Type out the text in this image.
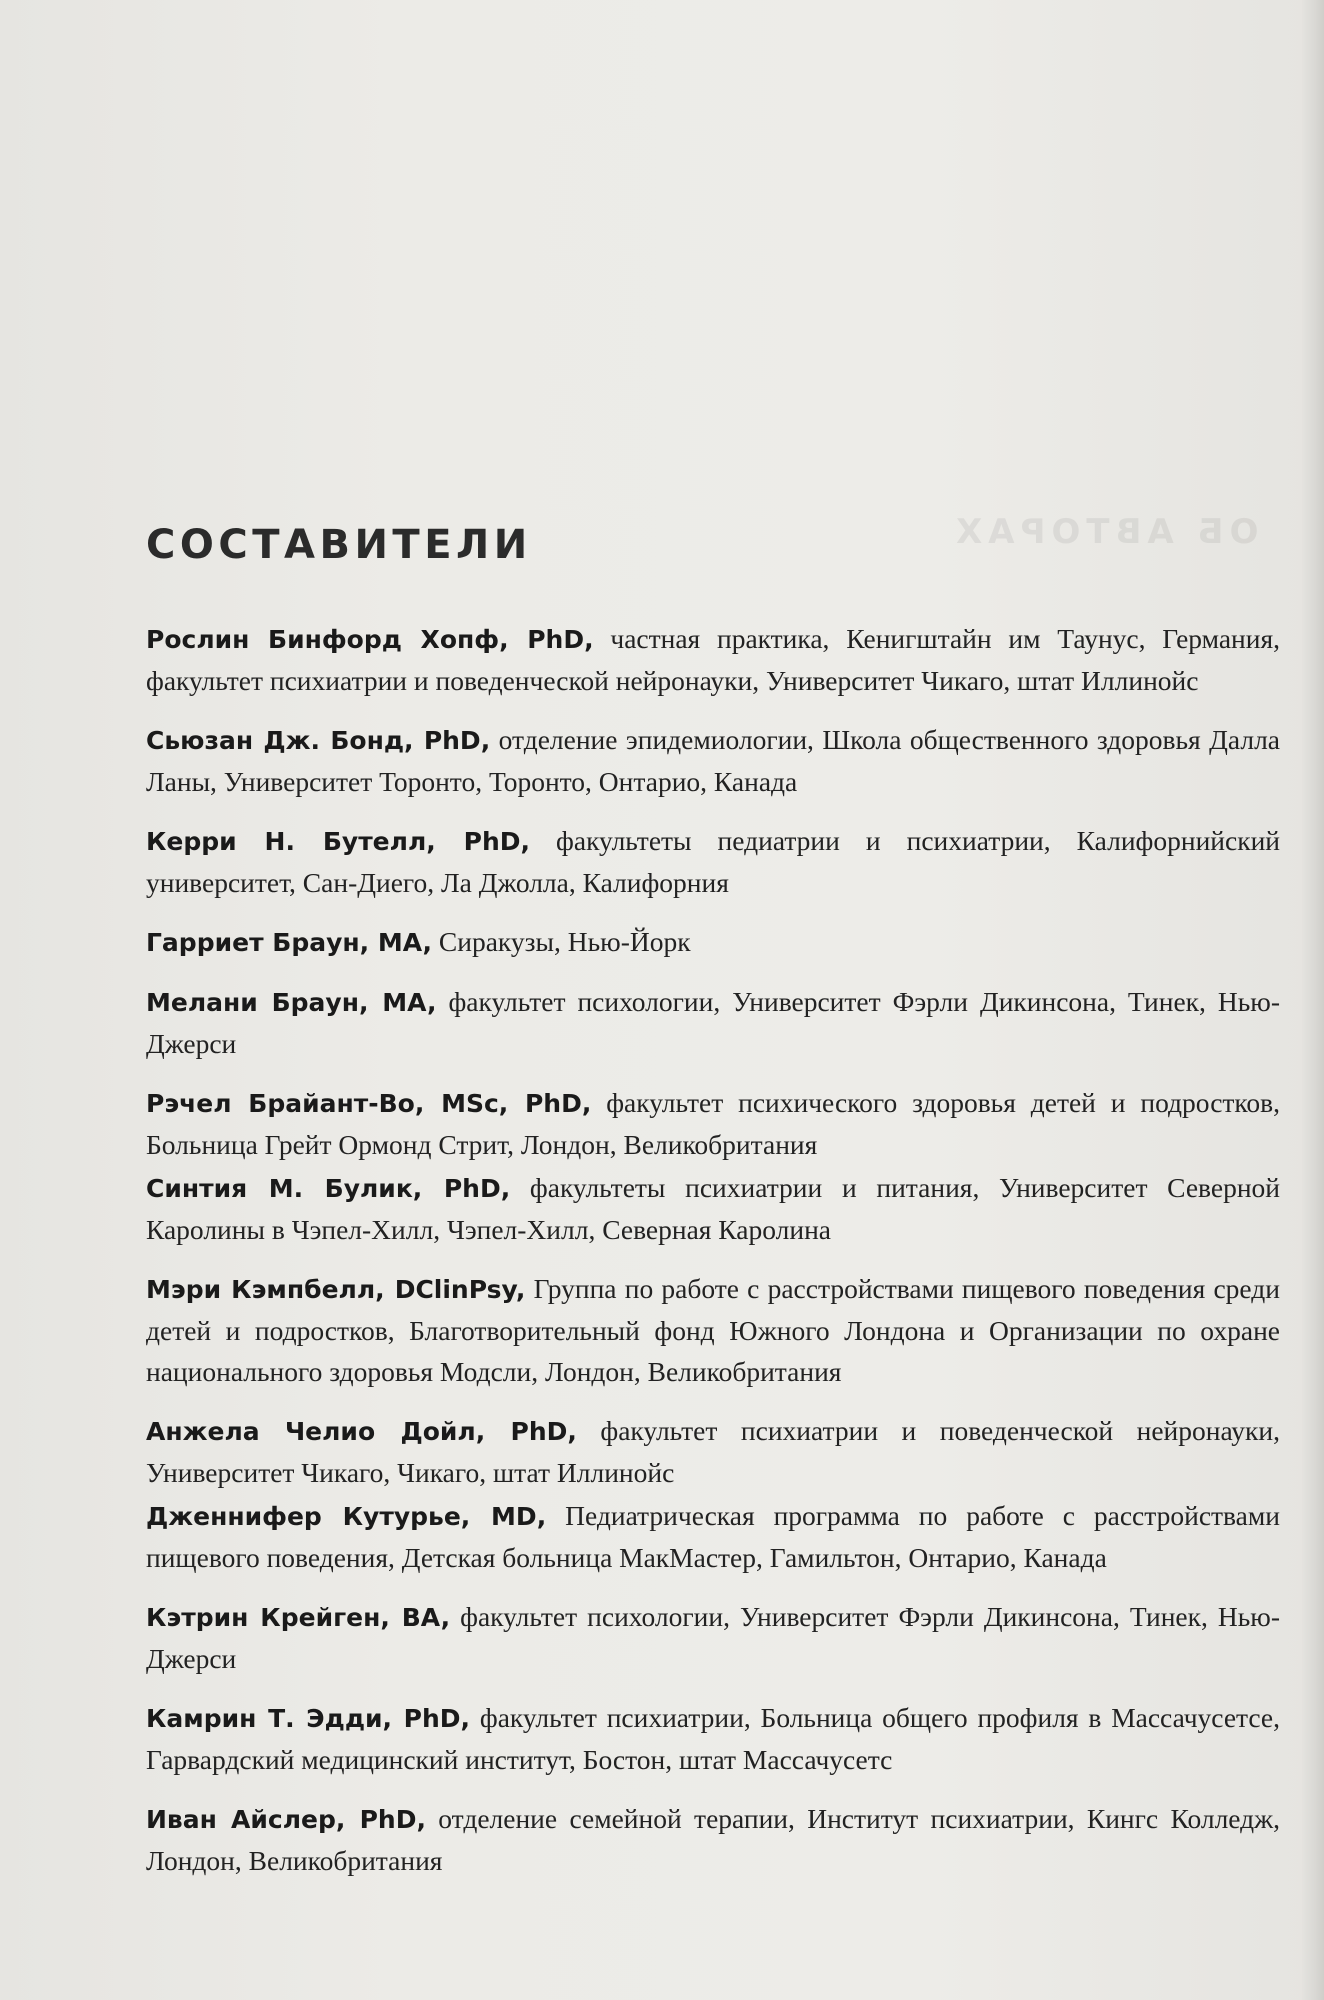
ОБ АВТОРАХ
СОСТАВИТЕЛИ

Рослин Бинфорд Хопф, PhD, частная практика, Кенигштайн им Таунус, Германия, факультет психиатрии и поведенческой нейронауки, Университет Чикаго, штат Иллинойс

Сьюзан Дж. Бонд, PhD, отделение эпидемиологии, Школа общественного здоровья Далла Ланы, Университет Торонто, Торонто, Онтарио, Канада

Керри Н. Бутелл, PhD, факультеты педиатрии и психиатрии, Калифорнийский университет, Сан-Диего, Ла Джолла, Калифорния

Гарриет Браун, MA, Сиракузы, Нью-Йорк

Мелани Браун, MA, факультет психологии, Университет Фэрли Дикинсона, Тинек, Нью-Джерси

Рэчел Брайант-Во, MSc, PhD, факультет психического здоровья детей и подростков, Больница Грейт Ормонд Стрит, Лондон, Великобритания

Синтия М. Булик, PhD, факультеты психиатрии и питания, Университет Северной Каролины в Чэпел-Хилл, Чэпел-Хилл, Северная Каролина

Мэри Кэмпбелл, DClinPsy, Группа по работе с расстройствами пищевого поведения среди детей и подростков, Благотворительный фонд Южного Лондона и Организации по охране национального здоровья Модсли, Лондон, Великобритания

Анжела Челио Дойл, PhD, факультет психиатрии и поведенческой нейронауки, Университет Чикаго, Чикаго, штат Иллинойс

Дженнифер Кутурье, MD, Педиатрическая программа по работе с расстройствами пищевого поведения, Детская больница МакМастер, Гамильтон, Онтарио, Канада

Кэтрин Крейген, BA, факультет психологии, Университет Фэрли Дикинсона, Тинек, Нью-Джерси

Камрин Т. Эдди, PhD, факультет психиатрии, Больница общего профиля в Массачусетсе, Гарвардский медицинский институт, Бостон, штат Массачусетс

Иван Айслер, PhD, отделение семейной терапии, Институт психиатрии, Кингс Колледж, Лондон, Великобритания
